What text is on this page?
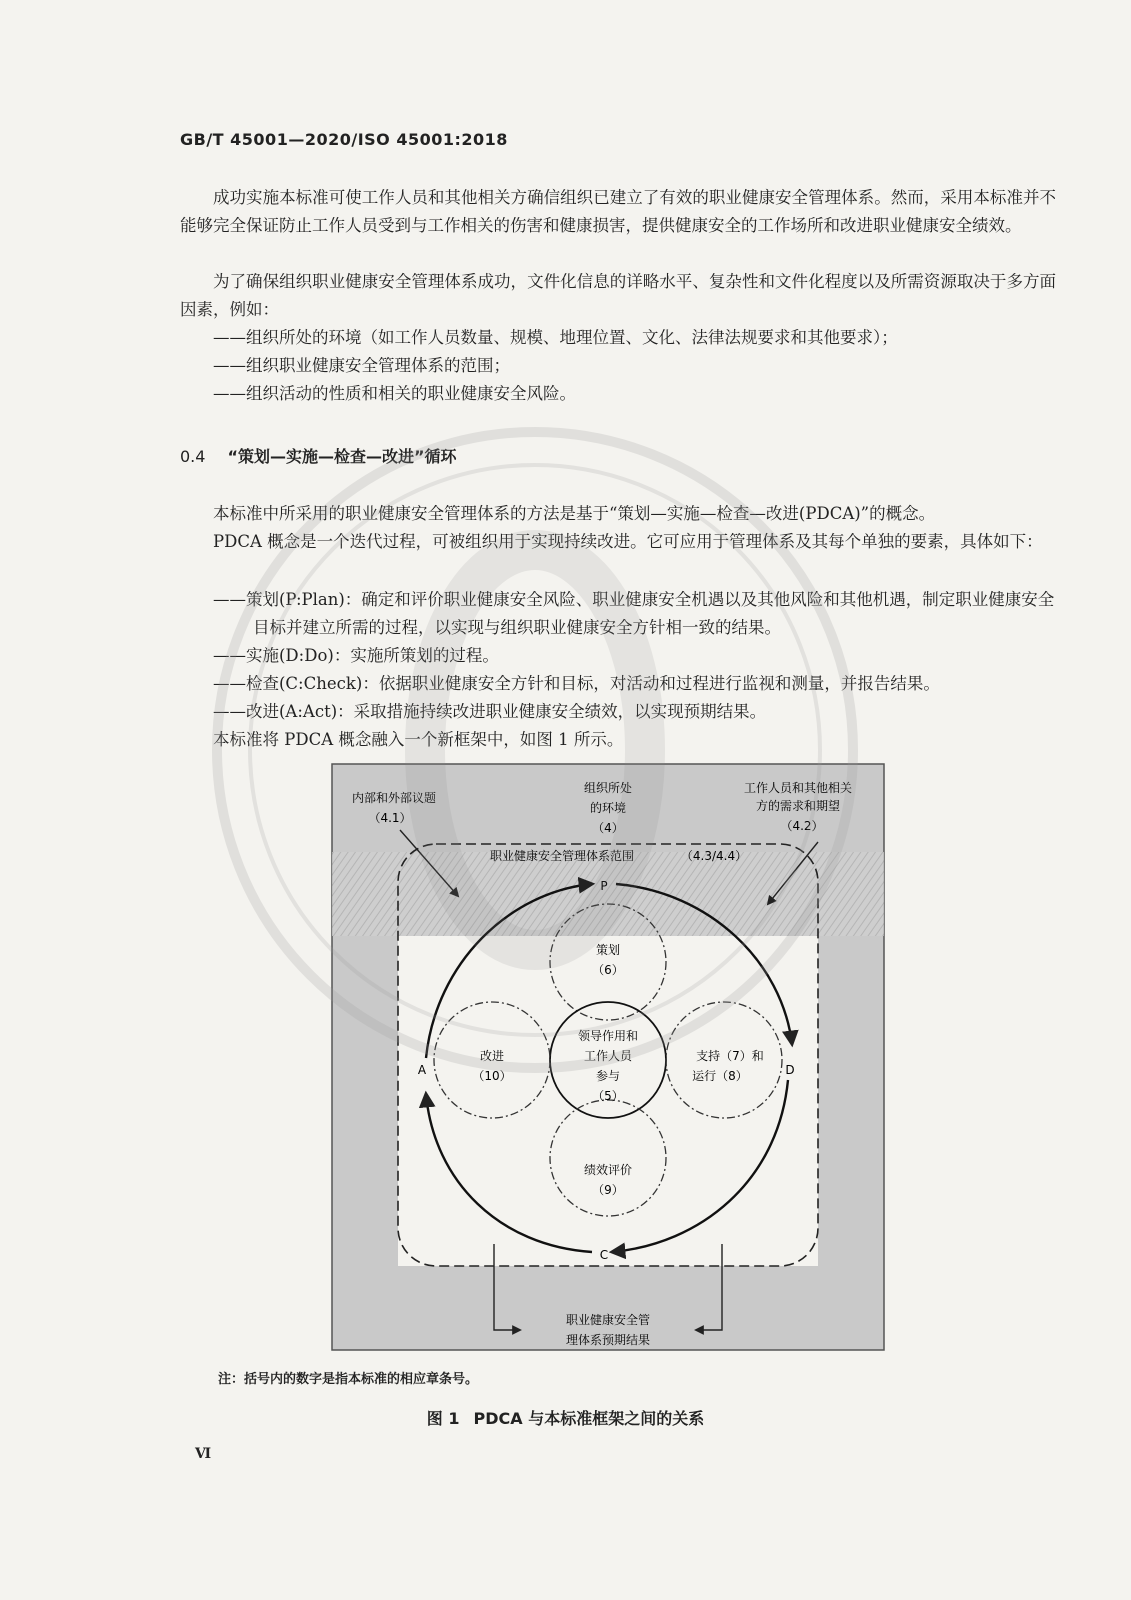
GB/T 45001—2020/ISO 45001:2018

成功实施本标准可使工作人员和其他相关方确信组织已建立了有效的职业健康安全管理体系。然而，采用本标准并不能够完全保证防止工作人员受到与工作相关的伤害和健康损害，提供健康安全的工作场所和改进职业健康安全绩效。

为了确保组织职业健康安全管理体系成功，文件化信息的详略水平、复杂性和文件化程度以及所需资源取决于多方面因素，例如：

——组织所处的环境（如工作人员数量、规模、地理位置、文化、法律法规要求和其他要求）；

——组织职业健康安全管理体系的范围；

——组织活动的性质和相关的职业健康安全风险。

0.4 “策划—实施—检查—改进”循环

本标准中所采用的职业健康安全管理体系的方法是基于“策划—实施—检查—改进(PDCA)”的概念。

PDCA 概念是一个迭代过程，可被组织用于实现持续改进。它可应用于管理体系及其每个单独的要素，具体如下：

——策划(P:Plan)：确定和评价职业健康安全风险、职业健康安全机遇以及其他风险和其他机遇，制定职业健康安全目标并建立所需的过程，以实现与组织职业健康安全方针相一致的结果。

——实施(D:Do)：实施所策划的过程。

——检查(C:Check)：依据职业健康安全方针和目标，对活动和过程进行监视和测量，并报告结果。

——改进(A:Act)：采取措施持续改进职业健康安全绩效，以实现预期结果。

本标准将 PDCA 概念融入一个新框架中，如图 1 所示。

内部和外部议题
（4.1）
组织所处
的环境
（4）
工作人员和其他相关
方的需求和期望
（4.2）
职业健康安全管理体系范围	（4.3/4.4）
P
D
C
A
策划
（6）
领导作用和
工作人员
参与
（5）
改进
（10）
支持（7）和
运行（8）
绩效评价
（9）
职业健康安全管
理体系预期结果
注：括号内的数字是指本标准的相应章条号。
图 1 PDCA 与本标准框架之间的关系
Ⅵ
